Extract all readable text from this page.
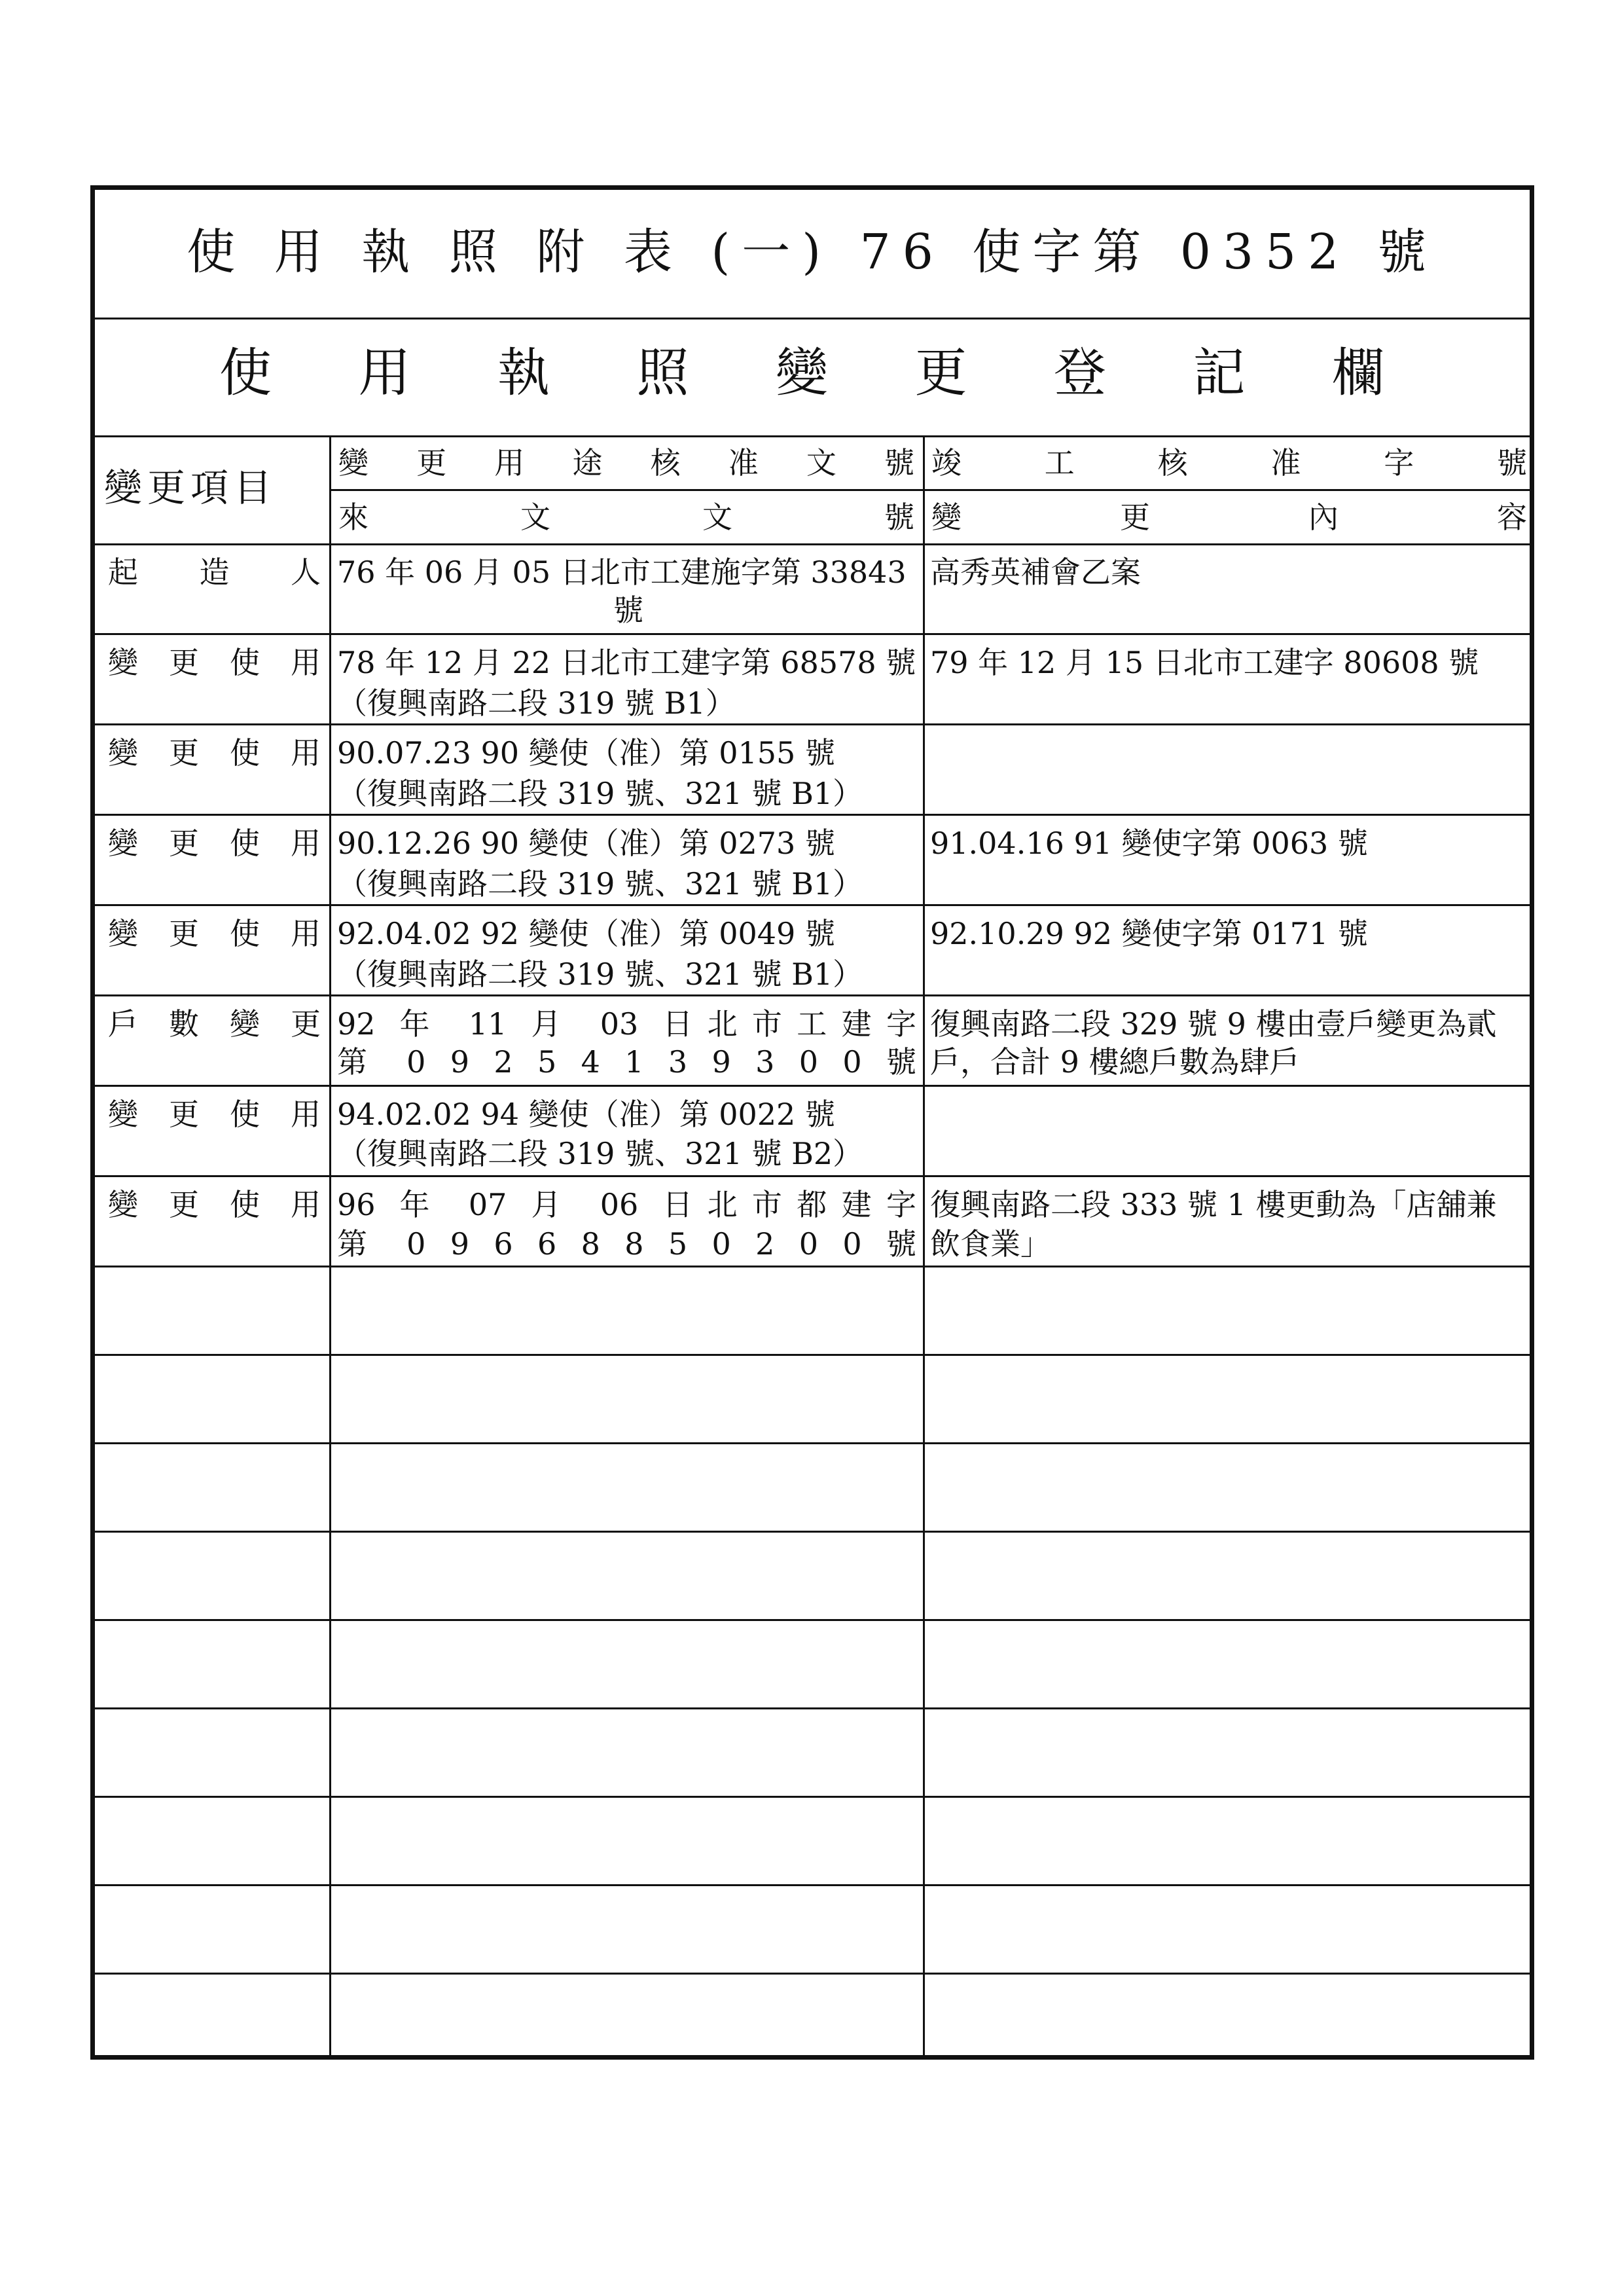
使 用 執 照 附 表 (一) 76 使字第 0352 號
使用執照變更登記欄
變更項目
變更用途核准文號 竣工核准字號
來文文號 變更內容
起造人 76 年 06 月 05 日北市工建施字第 33843
號
高秀英補會乙案
變更使用 78 年 12 月 22 日北市工建字第 68578 號
（復興南路二段 319 號 B1）
79 年 12 月 15 日北市工建字 80608 號
變更使用 90.07.23 90 變使（准）第 0155 號
（復興南路二段 319 號、321 號 B1）
變更使用 90.12.26 90 變使（准）第 0273 號
（復興南路二段 319 號、321 號 B1）
91.04.16 91 變使字第 0063 號
變更使用 92.04.02 92 變使（准）第 0049 號
（復興南路二段 319 號、321 號 B1）
92.10.29 92 變使字第 0171 號
戶數變更 92 年 11 月 03 日北市工建字
第 0 9 2 5 4 1 3 9 3 0 0 號
復興南路二段 329 號 9 樓由壹戶變更為貳
戶，合計 9 樓總戶數為肆戶
變更使用 94.02.02 94 變使（准）第 0022 號
（復興南路二段 319 號、321 號 B2）
變更使用 96 年 07 月 06 日北市都建字
第 0 9 6 6 8 8 5 0 2 0 0 號
復興南路二段 333 號 1 樓更動為「店舖兼
飲食業」
